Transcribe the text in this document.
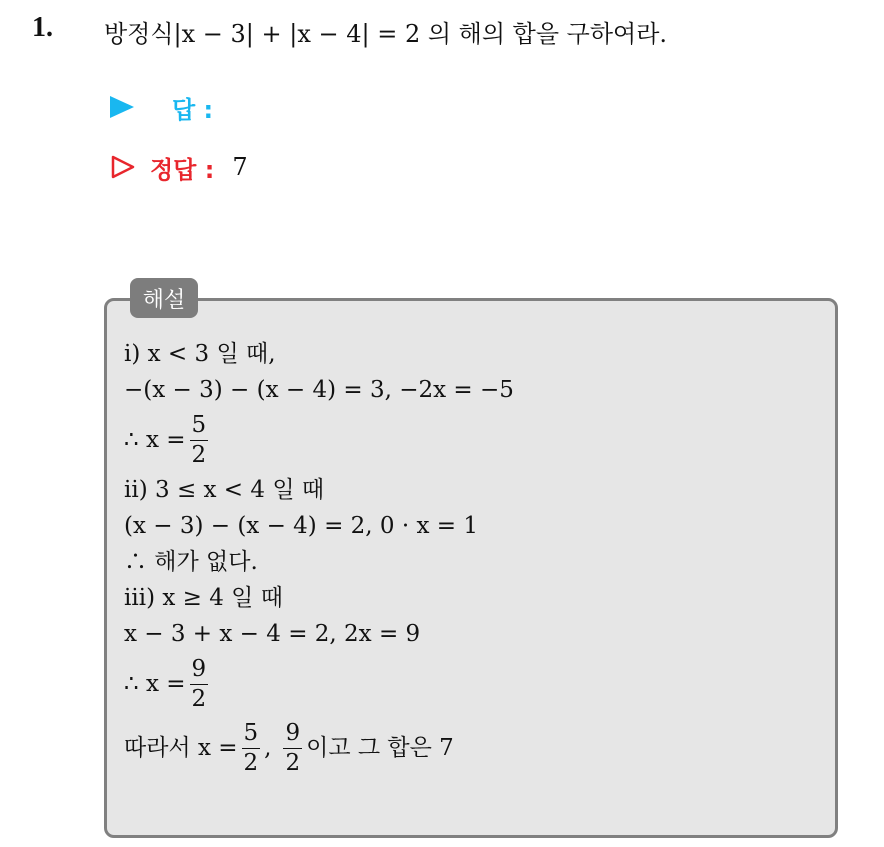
1. 방정식|x − 3| + |x − 4| = 2 의 해의 합을 구하여라.
답 :
정답 : 7
해설
ⅰ) x < 3 일 때,
−(x − 3) − (x − 4) = 3, −2x = −5
∴ $x = \frac{5}{2}$
ⅱ) 3 ≤ x < 4 일 때
(x − 3) − (x − 4) = 2, 0 · x = 1
∴ 해가 없다.
ⅲ) x ≥ 4 일 때
x − 3 + x − 4 = 2, 2x = 9
∴ $x = \frac{9}{2}$
따라서 $x = \frac{5}{2}$ , $\frac{9}{2}$ 이고 그 합은 7
